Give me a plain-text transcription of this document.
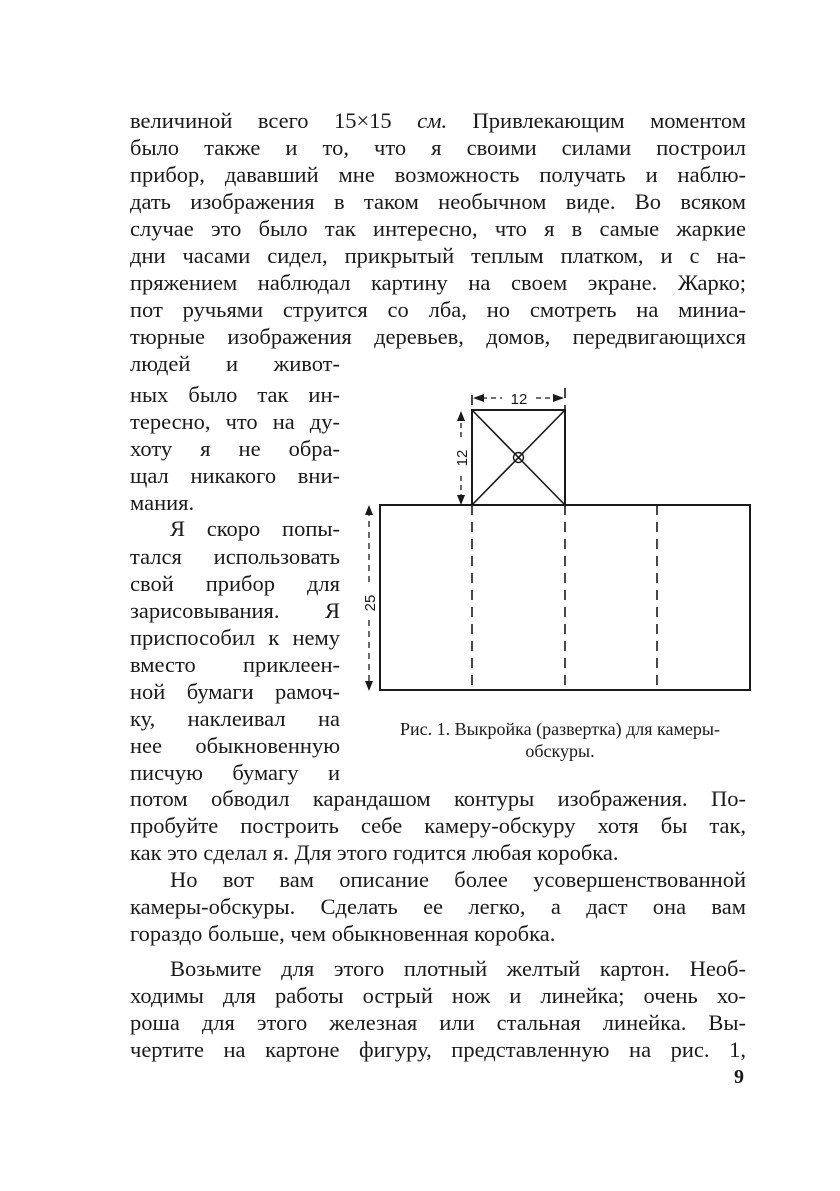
величиной всего 15×15 см. Привлекающим моментом
было также и то, что я своими силами построил
прибор, дававший мне возможность получать и наблю-
дать изображения в таком необычном виде. Во всяком
случае это было так интересно, что я в самые жаркие
дни часами сидел, прикрытый теплым платком, и с на-
пряжением наблюдал картину на своем экране. Жарко;
пот ручьями струится со лба, но смотреть на миниа-
тюрные изображения деревьев, домов, передвигающихся
людей и живот-
ных было так ин-
тересно, что на ду-
хоту я не обра-
щал никакого вни-
мания.
Я скоро попы-
тался использовать
свой прибор для
зарисовывания. Я
приспособил к нему
вместо приклеен-
ной бумаги рамоч-
ку, наклеивал на
нее обыкновенную
писчую бумагу и
12
12
25
Рис. 1. Выкройка (развертка) для камеры-
обскуры.
потом обводил карандашом контуры изображения. По-
пробуйте построить себе камеру-обскуру хотя бы так,
как это сделал я. Для этого годится любая коробка.
Но вот вам описание более усовершенствованной
камеры-обскуры. Сделать ее легко, а даст она вам
гораздо больше, чем обыкновенная коробка.
Возьмите для этого плотный желтый картон. Необ-
ходимы для работы острый нож и линейка; очень хо-
роша для этого железная или стальная линейка. Вы-
чертите на картоне фигуру, представленную на рис. 1,
9
